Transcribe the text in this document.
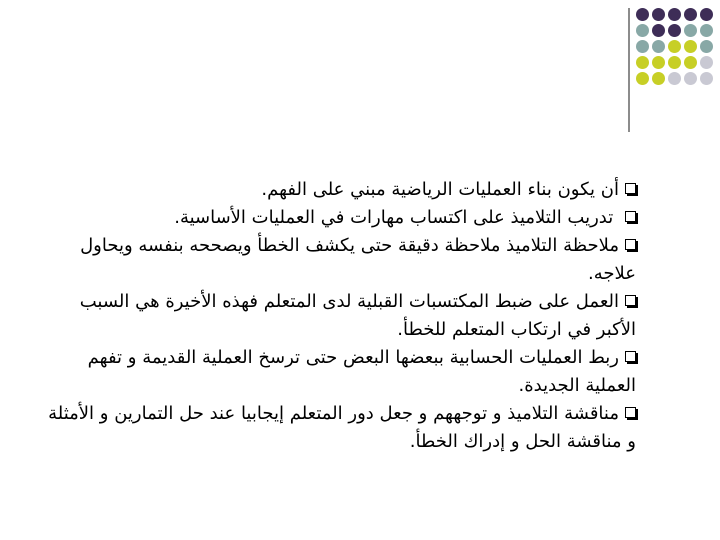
أن يكون بناء العمليات الرياضية مبني على الفهم.

تدريب التلاميذ على اكتساب مهارات في العمليات الأساسية.

ملاحظة التلاميذ ملاحظة دقيقة حتى يكشف الخطأ ويصححه بنفسه ويحاول علاجه.

العمل على ضبط المكتسبات القبلية لدى المتعلم فهذه الأخيرة هي السبب الأكبر في ارتكاب المتعلم للخطأ.

ربط العمليات الحسابية ببعضها البعض حتى ترسخ العملية القديمة و تفهم العملية الجديدة.

مناقشة التلاميذ و توجههم و جعل دور المتعلم إيجابيا عند حل التمارين و الأمثلة و مناقشة الحل و إدراك الخطأ.
